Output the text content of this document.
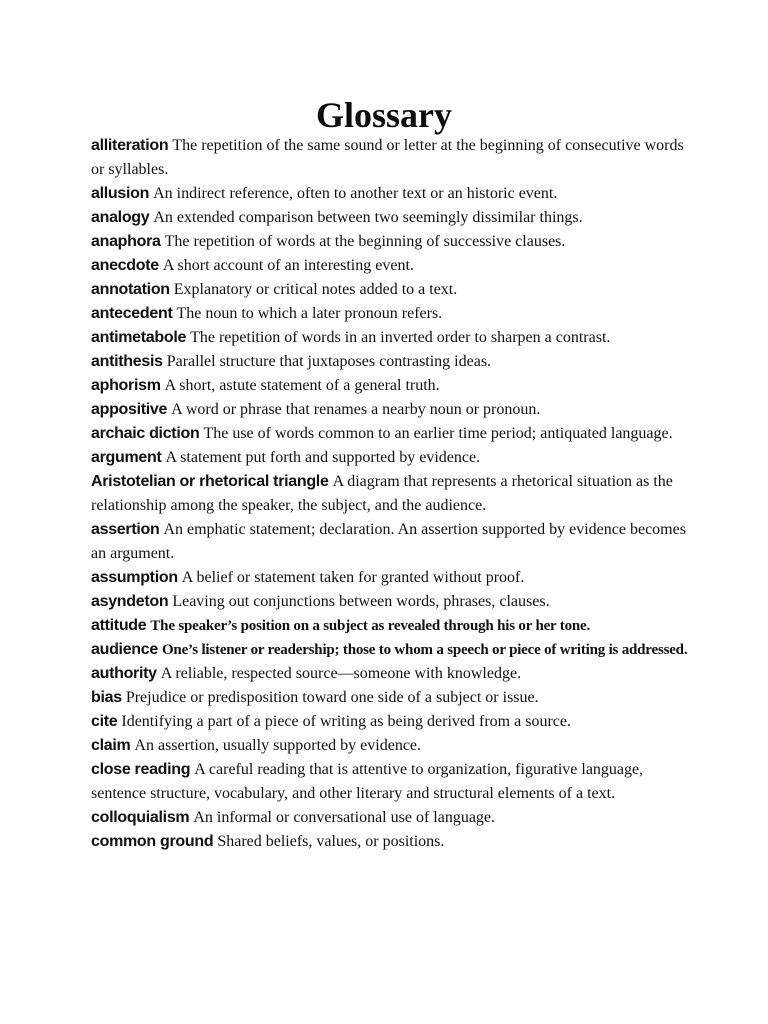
Glossary

alliteration The repetition of the same sound or letter at the beginning of consecutive words or syllables.

allusion An indirect reference, often to another text or an historic event.

analogy An extended comparison between two seemingly dissimilar things.

anaphora The repetition of words at the beginning of successive clauses.

anecdote A short account of an interesting event.

annotation Explanatory or critical notes added to a text.

antecedent The noun to which a later pronoun refers.

antimetabole The repetition of words in an inverted order to sharpen a contrast.

antithesis Parallel structure that juxtaposes contrasting ideas.

aphorism A short, astute statement of a general truth.

appositive A word or phrase that renames a nearby noun or pronoun.

archaic diction The use of words common to an earlier time period; antiquated language.

argument A statement put forth and supported by evidence.

Aristotelian or rhetorical triangle A diagram that represents a rhetorical situation as the relationship among the speaker, the subject, and the audience.

assertion An emphatic statement; declaration. An assertion supported by evidence becomes an argument.

assumption A belief or statement taken for granted without proof.

asyndeton Leaving out conjunctions between words, phrases, clauses.

attitude The speaker’s position on a subject as revealed through his or her tone.

audience One’s listener or readership; those to whom a speech or piece of writing is addressed.

authority A reliable, respected source—someone with knowledge.

bias Prejudice or predisposition toward one side of a subject or issue.

cite Identifying a part of a piece of writing as being derived from a source.

claim An assertion, usually supported by evidence.

close reading A careful reading that is attentive to organization, figurative language, sentence structure, vocabulary, and other literary and structural elements of a text.

colloquialism An informal or conversational use of language.

common ground Shared beliefs, values, or positions.
